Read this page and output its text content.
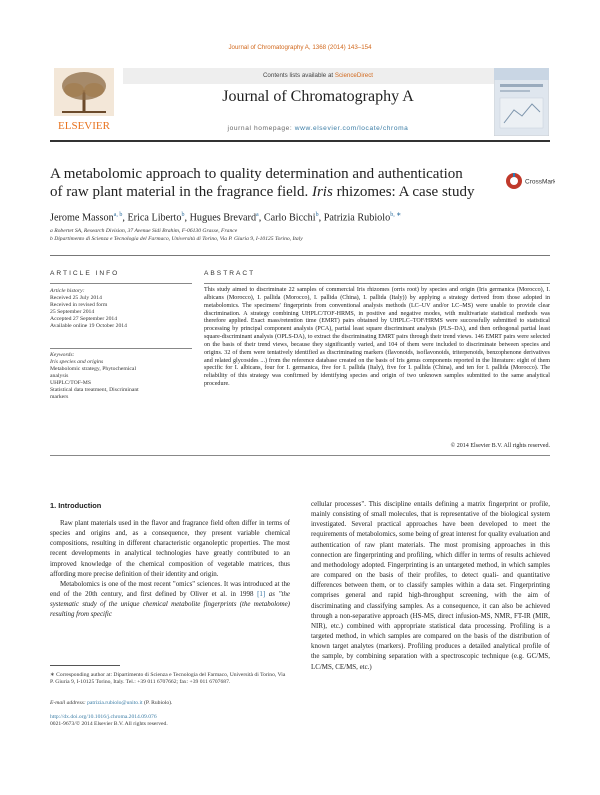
Journal of Chromatography A, 1368 (2014) 143–154
Contents lists available at ScienceDirect
ELSEVIER
Journal of Chromatography A
journal homepage: www.elsevier.com/locate/chroma
A metabolomic approach to quality determination and authentication
of raw plant material in the fragrance field. Iris rhizomes: A case study
CrossMark
Jerome Masson$^{a, b}$, Erica Liberto$^b$, Hugues Brevard$^a$, Carlo Bicchi$^b$, Patrizia Rubiolo$^{b, ∗}$
a Robertet SA, Research Division, 37 Avenue Sidi Brahim, F-06130 Grasse, France
b Dipartimento di Scienza e Tecnologia del Farmaco, Università di Torino, Via P. Giuria 9, I-10125 Torino, Italy
ARTICLE INFO	ABSTRACT
Article history:
Received 25 July 2014
Received in revised form
25 September 2014
Accepted 27 September 2014
Available online 19 October 2014
Keywords:
Iris species and origins
Metabolomic strategy, Phytochemical
analysis
UHPLC/TOF-MS
Statistical data treatment, Discriminant
markers
This study aimed to discriminate 22 samples of commercial Iris rhizomes (orris root) by species and origin (Iris germanica (Morocco), I. albicans (Morocco), I. pallida (Morocco), I. pallida (China), I. pallida (Italy)) by applying a strategy derived from those adopted in metabolomics. The specimens' fingerprints from conventional analysis methods (LC–UV and/or LC–MS) were unable to provide clear discrimination. A strategy combining UHPLC/TOF-HRMS, in positive and negative modes, with multivariate statistical methods was therefore applied. Exact mass/retention time (EMRT) pairs obtained by UHPLC–TOF/HRMS were successfully submitted to statistical processing by principal component analysis (PCA), partial least square discriminant analysis (PLS–DA), and then orthogonal partial least square-discriminant analysis (OPLS-DA), to extract the discriminating EMRT pairs through their trend views. 146 EMRT pairs were selected on the basis of their trend views, because they significantly varied, and 104 of them were included to discriminate between species and origins. 32 of them were tentatively identified as discriminating markers (flavonoids, isoflavonoids, triterpenoids, benzophenone derivatives and related glycosides ...) from the reference database created on the basis of Iris genus components reported in the literature: eight of them specific for I. albicans, four for I. germanica, five for I. pallida (Italy), five for I. pallida (China), and ten for I. pallida (Morocco). The reliability of this strategy was confirmed by identifying species and origin of two unknown samples submitted to the same analytical procedure.
© 2014 Elsevier B.V. All rights reserved.
1. Introduction

Raw plant materials used in the flavor and fragrance field often differ in terms of species and origins and, as a consequence, they present variable chemical compositions, resulting in different characteristic organoleptic properties. The most recent developments in analytical technologies have greatly contributed to an improved knowledge of the chemical composition of vegetable matrices, thus affording more precise definition of their identity and origin.

Metabolomics is one of the most recent "omics" sciences. It was introduced at the end of the 20th century, and first defined by Oliver et al. in 1998 [1] as "the systematic study of the unique chemical metabolite fingerprints (the metabolome) resulting from specific

cellular processes". This discipline entails defining a matrix fingerprint or profile, mainly consisting of small molecules, that is representative of the biological system investigated. Several practical approaches have been developed to meet the requirements of metabolomics, some being of great interest for quality evaluation and authentication of raw plant materials. The most promising approaches in this connection are fingerprinting and profiling, which differ in terms of results achieved and methodology adopted. Fingerprinting is an untargeted method, in which samples are compared on the basis of their profiles, to detect quali- and quantitative differences between them, or to classify samples within a data set. Fingerprinting comprises general and rapid high-throughput screening, with the aim of discriminating and classifying samples. As a consequence, it can also be achieved through a non-separative approach (HS-MS, direct infusion-MS, NMR, FT-IR (MIR, NIR), etc.) combined with appropriate statistical data processing. Profiling is a targeted method, in which samples are compared on the basis of the distribution of known target analytes (markers). Profiling produces a detailed analytical profile of the sample, by combining separation with a spectroscopic technique (e.g. GC/MS, LC/MS, CE/MS, etc.)

∗ Corresponding author at: Dipartimento di Scienza e Tecnologia del Farmaco, Università di Torino, Via P. Giuria 9, I-10125 Torino, Italy. Tel.: +39 011 6707662; fax: +39 011 6707687.
E-mail address: patrizia.rubiolo@unito.it (P. Rubiolo).
http://dx.doi.org/10.1016/j.chroma.2014.09.076
0021-9673/© 2014 Elsevier B.V. All rights reserved.
